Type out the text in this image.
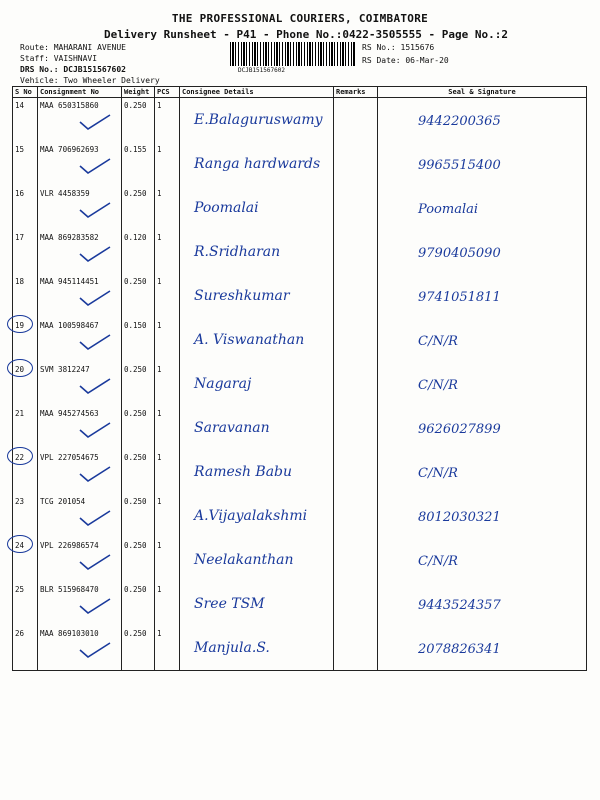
THE PROFESSIONAL COURIERS, COIMBATORE
Delivery Runsheet - P41 - Phone No.:0422-3505555 - Page No.:2
Route: MAHARANI AVENUE
Staff: VAISHNAVI
DRS No.: DCJB151567602
Vehicle: Two Wheeler Delivery
RS No.: 1515676
RS Date: 06-Mar-20
DCJB151567602
S No	Consignment No	Weight	PCS	Consignee Details	Remarks	Seal & Signature
14	MAA 650315860	0.250	1	E.Balaguruswamy		9442200365

15	MAA 706962693	0.155	1	Ranga hardwards		9965515400

16	VLR 4458359	0.250	1	Poomalai		Poomalai

17	MAA 869283582	0.120	1	R.Sridharan		9790405090

18	MAA 945114451	0.250	1	Sureshkumar		9741051811

19	MAA 100598467	0.150	1	A. Viswanathan		C/N/R

20	SVM 3812247	0.250	1	Nagaraj		C/N/R

21	MAA 945274563	0.250	1	Saravanan		9626027899

22	VPL 227054675	0.250	1	Ramesh Babu		C/N/R

23	TCG 201054	0.250	1	A.Vijayalakshmi		8012030321

24	VPL 226986574	0.250	1	Neelakanthan		C/N/R

25	BLR 515968470	0.250	1	Sree TSM		9443524357

26	MAA 869103010	0.250	1	Manjula.S.		2078826341
